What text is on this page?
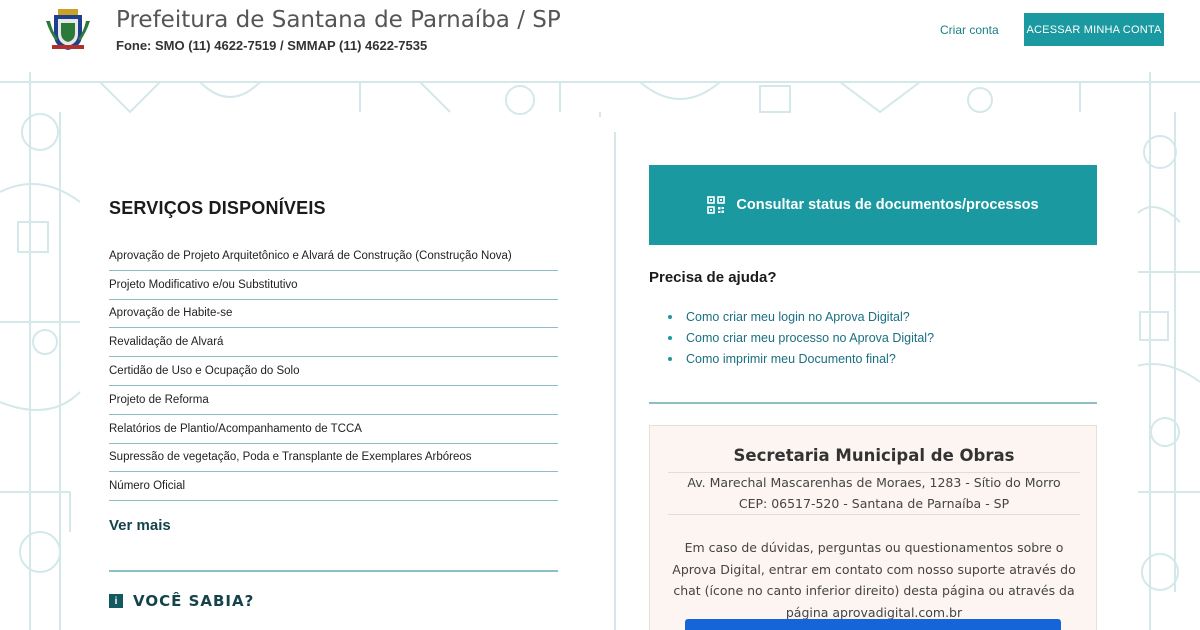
Prefeitura de Santana de Parnaíba / SP
Fone: SMO (11) 4622-7519 / SMMAP (11) 4622-7535
Criar conta	ACESSAR MINHA CONTA
SERVIÇOS DISPONÍVEIS
Aprovação de Projeto Arquitetônico e Alvará de Construção (Construção Nova)
Projeto Modificativo e/ou Substitutivo
Aprovação de Habite-se
Revalidação de Alvará
Certidão de Uso e Ocupação do Solo
Projeto de Reforma
Relatórios de Plantio/Acompanhamento de TCCA
Supressão de vegetação, Poda e Transplante de Exemplares Arbóreos
Número Oficial
Ver mais
i	VOCÊ SABIA?
Consultar status de documentos/processos
Precisa de ajuda?
Como criar meu login no Aprova Digital?
Como criar meu processo no Aprova Digital?
Como imprimir meu Documento final?
Secretaria Municipal de Obras
Av. Marechal Mascarenhas de Moraes, 1283 - Sítio do Morro
CEP: 06517-520 - Santana de Parnaíba - SP
Em caso de dúvidas, perguntas ou questionamentos sobre o Aprova Digital, entrar em contato com nosso suporte através do chat (ícone no canto inferior direito) desta página ou através da página aprovadigital.com.br
